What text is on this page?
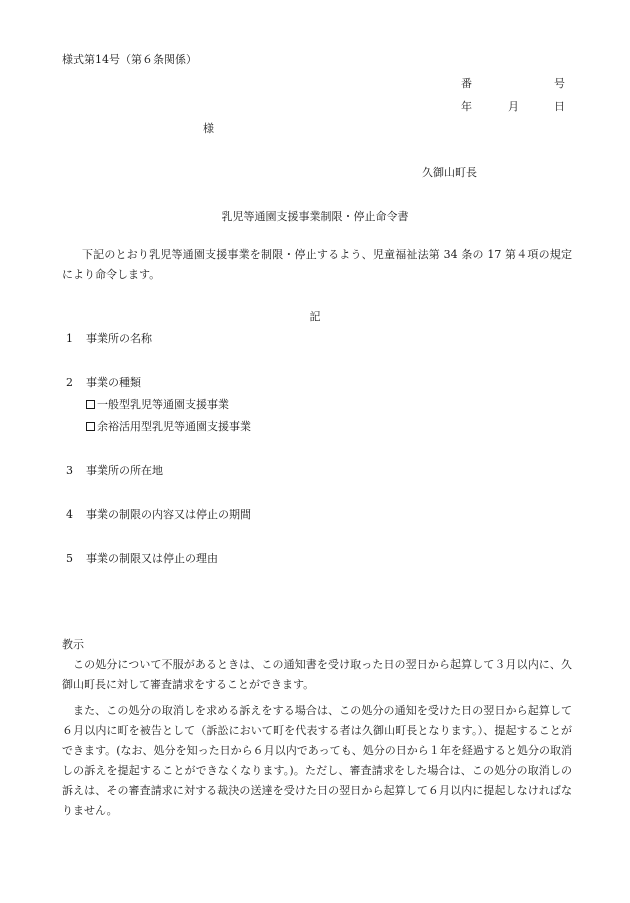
様式第14号（第６条関係）

番	号

年	月	日

様

久御山町長

乳児等通園支援事業制限・停止命令書

下記のとおり乳児等通園支援事業を制限・停止するよう、児童福祉法第 34 条の 17 第４項の規定により命令します。

記

1 事業所の名称

2 事業の種類

一般型乳児等通園支援事業

余裕活用型乳児等通園支援事業

3 事業所の所在地

4 事業の制限の内容又は停止の期間

5 事業の制限又は停止の理由

教示

この処分について不服があるときは、この通知書を受け取った日の翌日から起算して３月以内に、久御山町長に対して審査請求をすることができます。

また、この処分の取消しを求める訴えをする場合は、この処分の通知を受けた日の翌日から起算して６月以内に町を被告として（訴訟において町を代表する者は久御山町長となります。）、提起することができます。(なお、処分を知った日から６月以内であっても、処分の日から１年を経過すると処分の取消しの訴えを提起することができなくなります。)。ただし、審査請求をした場合は、この処分の取消しの訴えは、その審査請求に対する裁決の送達を受けた日の翌日から起算して６月以内に提起しなければなりません。
